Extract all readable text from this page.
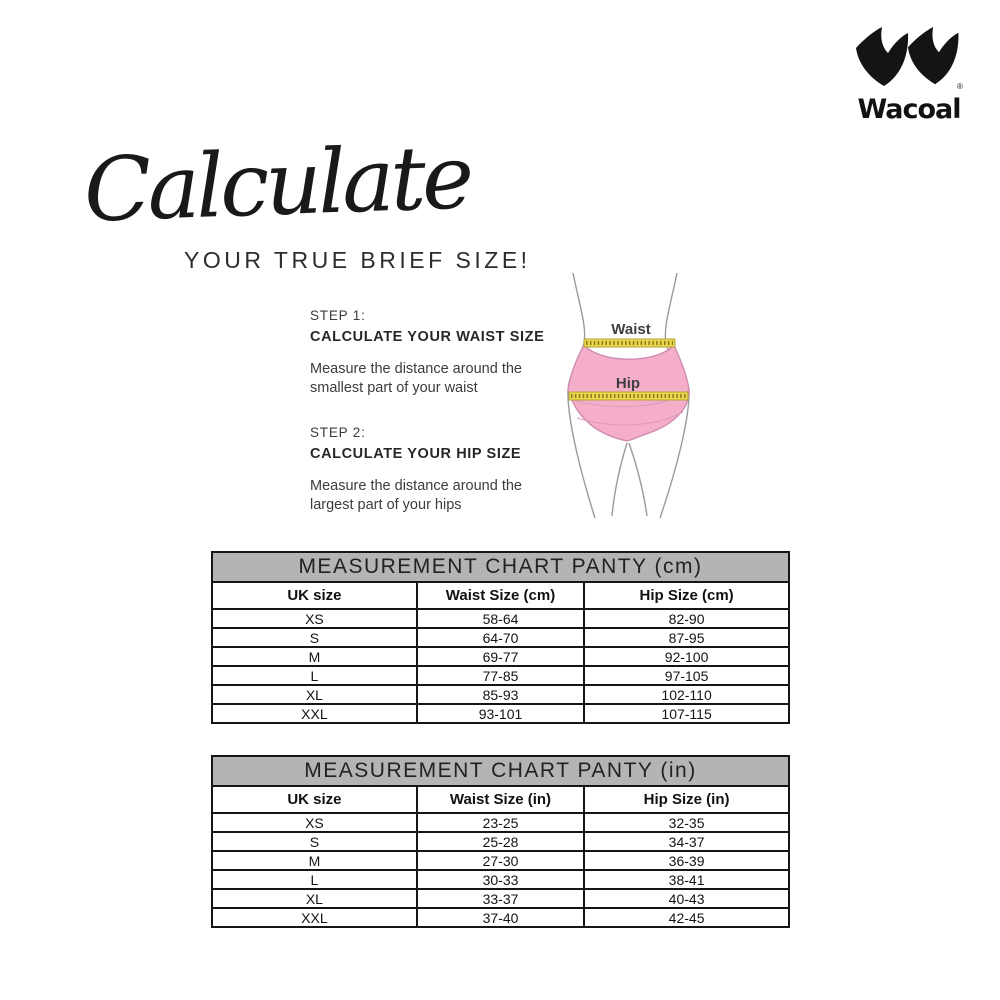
®
Wacoal
Calculate
YOUR TRUE BRIEF SIZE!
STEP 1:
CALCULATE YOUR WAIST SIZE

Measure the distance around the smallest part of your waist

STEP 2:
CALCULATE YOUR HIP SIZE

Measure the distance around the largest part of your hips

Waist
Hip
MEASUREMENT CHART PANTY (cm)		
UK size	Waist Size (cm)	Hip Size (cm)
XS	58-64	82-90
S	64-70	87-95
M	69-77	92-100
L	77-85	97-105
XL	85-93	102-110
XXL	93-101	107-115
MEASUREMENT CHART PANTY (in)		
UK size	Waist Size (in)	Hip Size (in)
XS	23-25	32-35
S	25-28	34-37
M	27-30	36-39
L	30-33	38-41
XL	33-37	40-43
XXL	37-40	42-45
